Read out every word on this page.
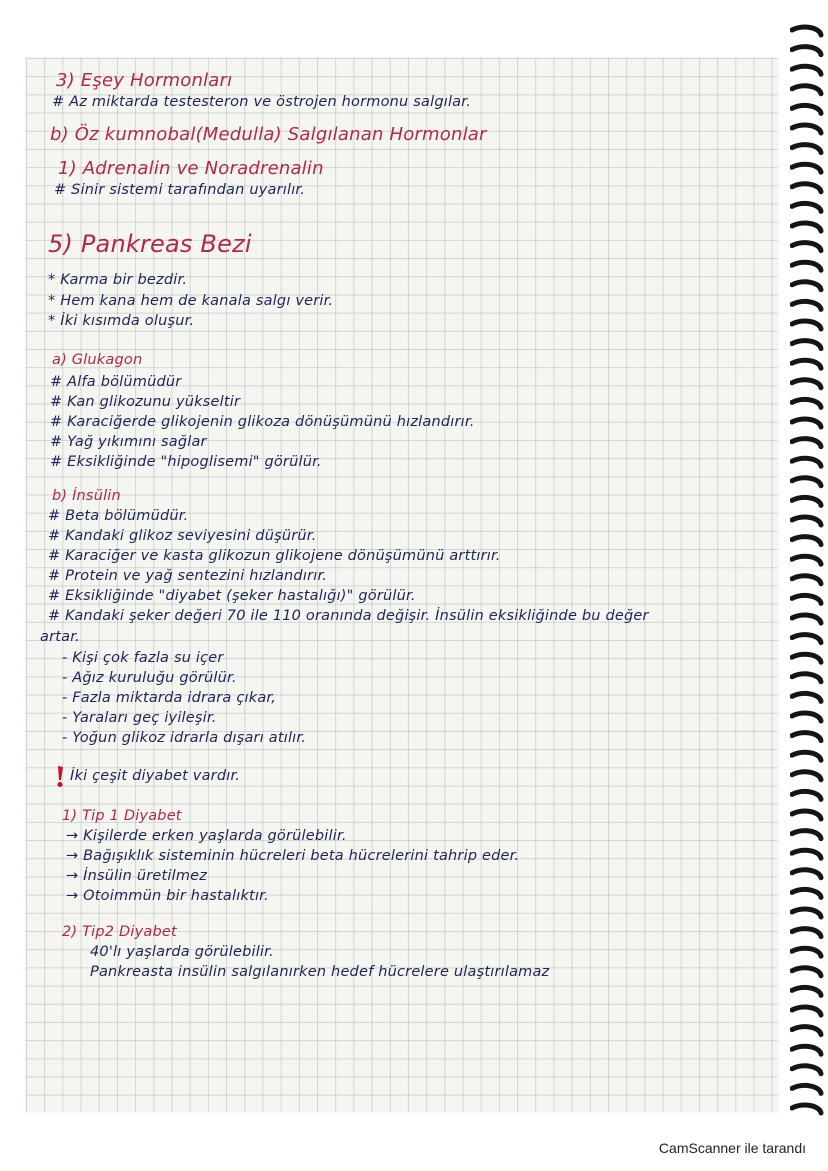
3) Eşey Hormonları
# Az miktarda testesteron ve östrojen hormonu salgılar.
b) Öz kumnobal(Medulla) Salgılanan Hormonlar
1) Adrenalin ve Noradrenalin
# Sinir sistemi tarafından uyarılır.
5) Pankreas Bezi
* Karma bir bezdir.
* Hem kana hem de kanala salgı verir.
* İki kısımda oluşur.
a) Glukagon
# Alfa bölümüdür
# Kan glikozunu yükseltir
# Karaciğerde glikojenin glikoza dönüşümünü hızlandırır.
# Yağ yıkımını sağlar
# Eksikliğinde "hipoglisemi" görülür.
b) İnsülin
# Beta bölümüdür.
# Kandaki glikoz seviyesini düşürür.
# Karaciğer ve kasta glikozun glikojene dönüşümünü arttırır.
# Protein ve yağ sentezini hızlandırır.
# Eksikliğinde "diyabet (şeker hastalığı)" görülür.
# Kandaki şeker değeri 70 ile 110 oranında değişir. İnsülin eksikliğinde bu değer
artar.
- Kişi çok fazla su içer
- Ağız kuruluğu görülür.
- Fazla miktarda idrara çıkar,
- Yaraları geç iyileşir.
- Yoğun glikoz idrarla dışarı atılır.
İki çeşit diyabet vardır.
1) Tip 1 Diyabet
→ Kişilerde erken yaşlarda görülebilir.
→ Bağışıklık sisteminin hücreleri beta hücrelerini tahrip eder.
→ İnsülin üretilmez
→ Otoimmün bir hastalıktır.
2) Tip2 Diyabet
40'lı yaşlarda görülebilir.
Pankreasta insülin salgılanırken hedef hücrelere ulaştırılamaz
CamScanner ile tarandı
